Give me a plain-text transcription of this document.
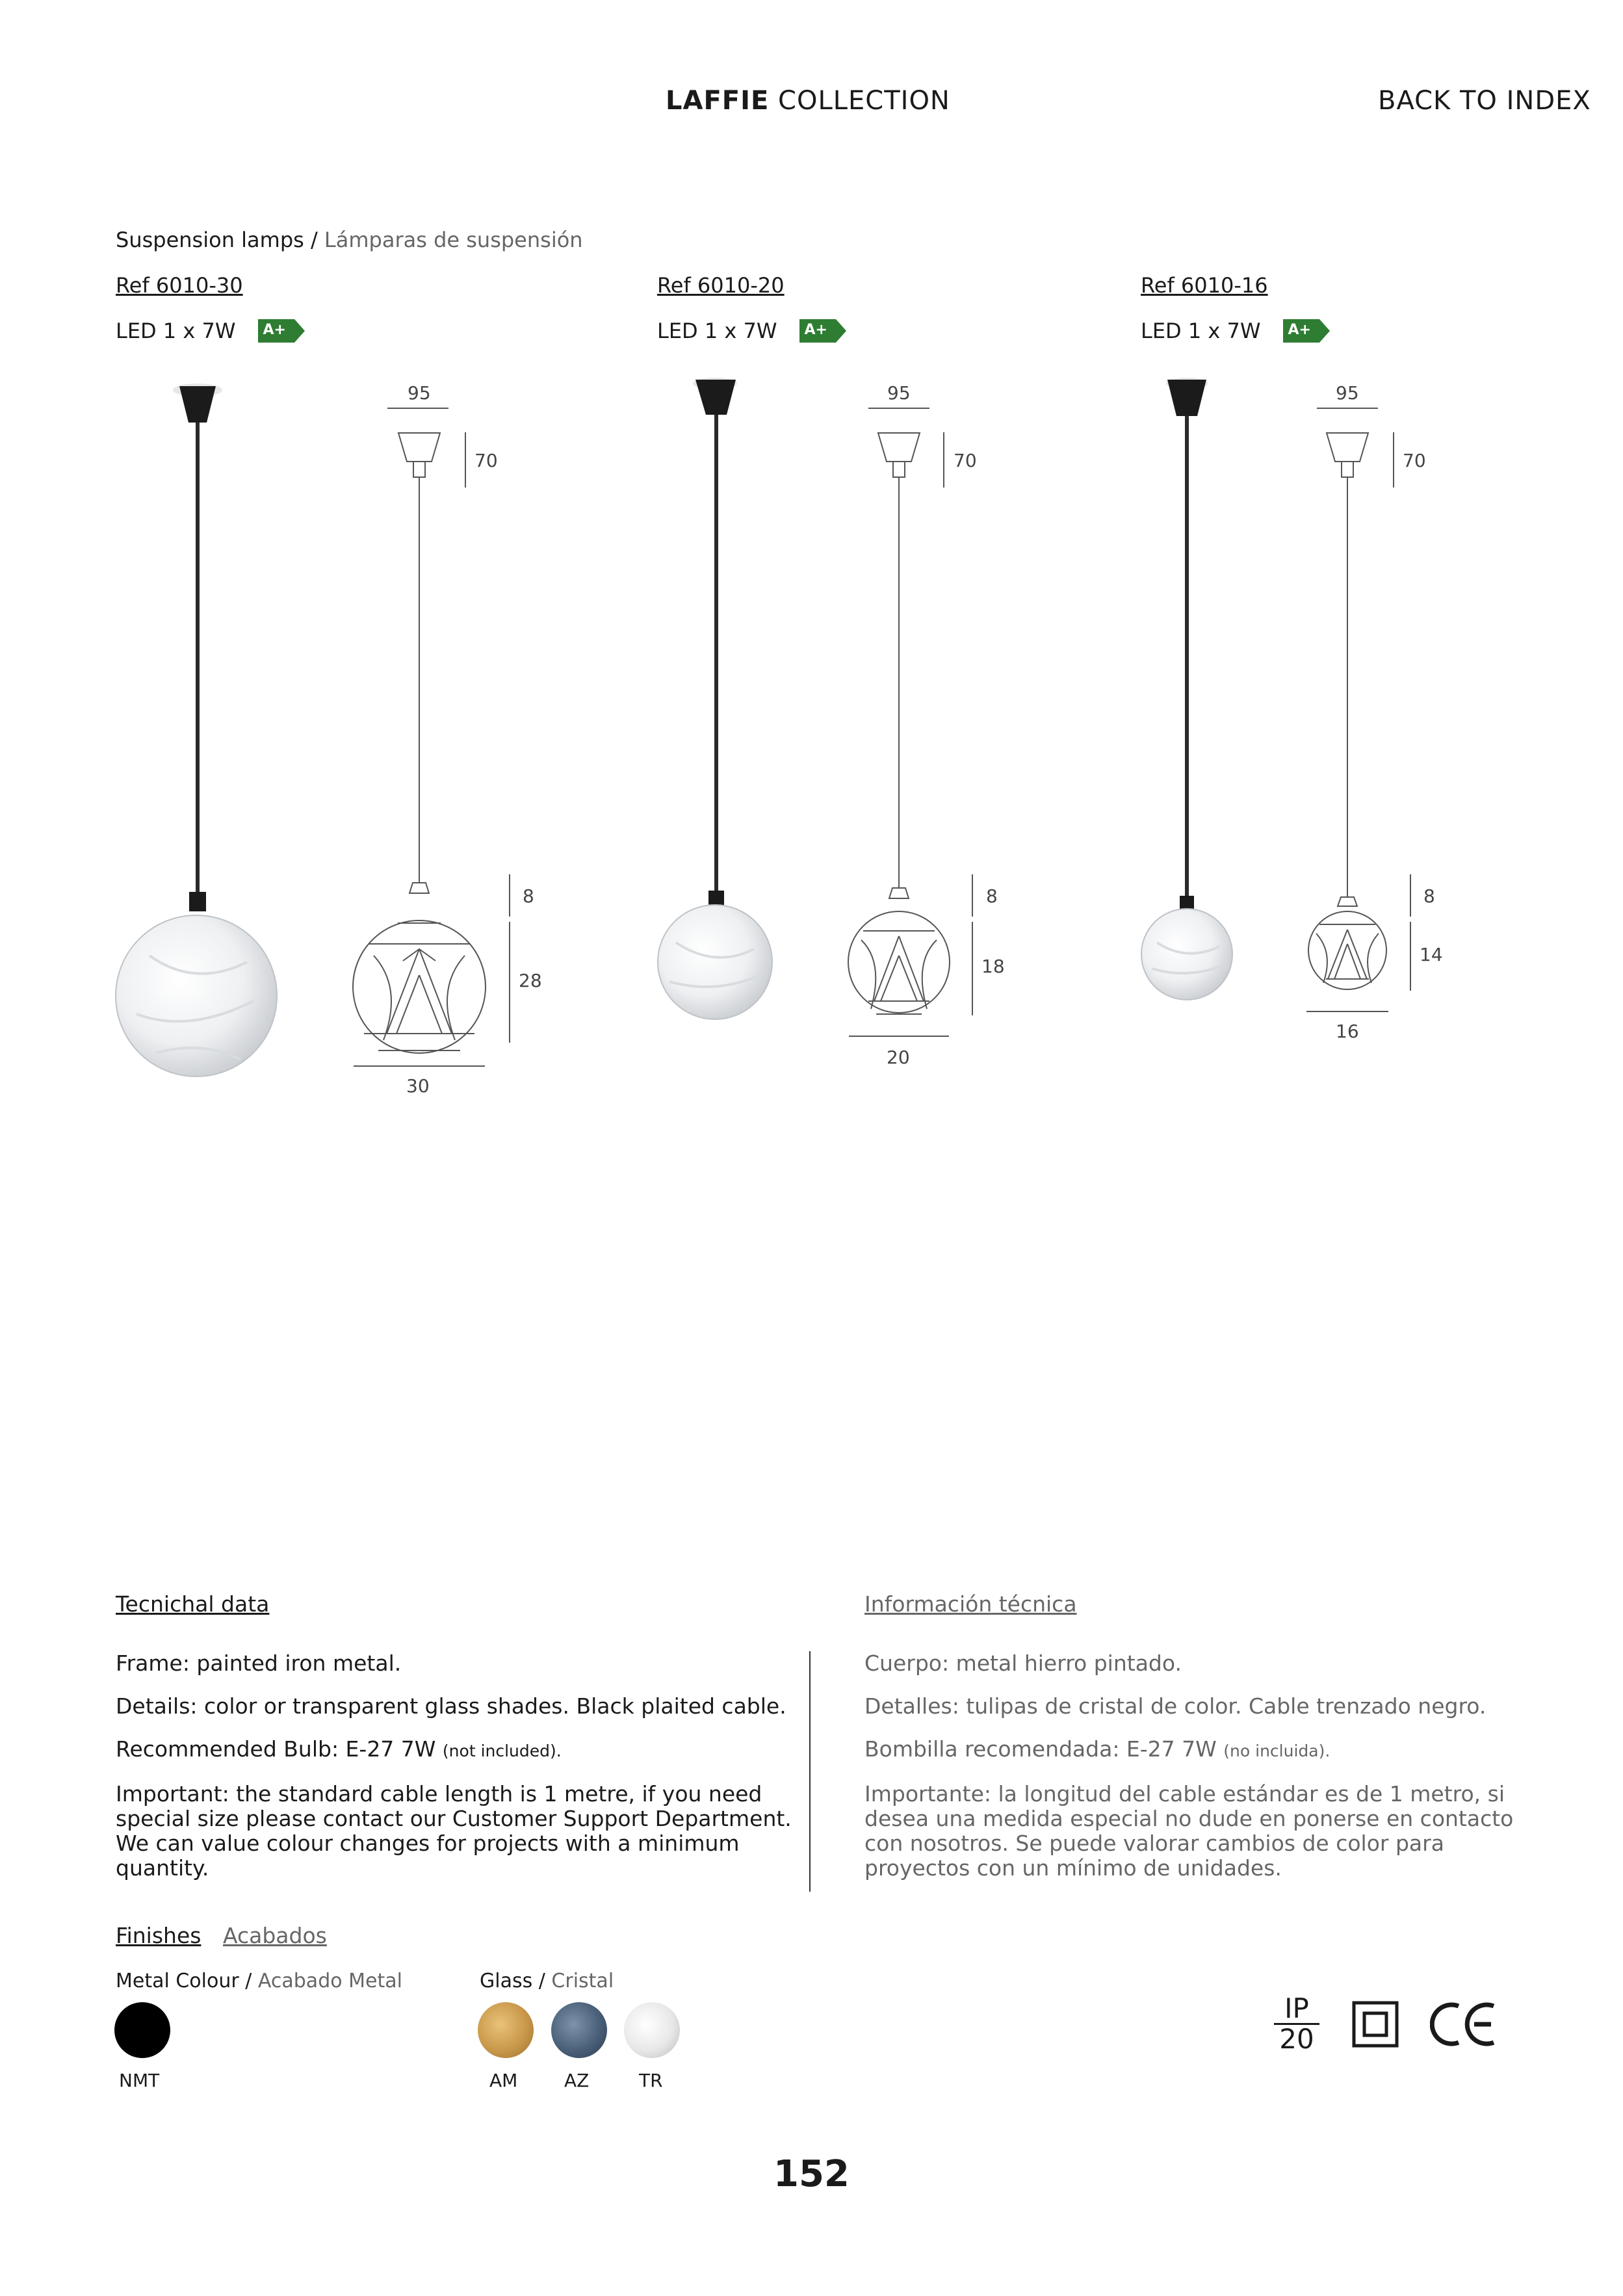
LAFFIE COLLECTION	BACK TO INDEX
Suspension lamps / Lámparas de suspensión
Ref 6010-30
LED 1 x 7W A+
Ref 6010-20
LED 1 x 7W A+
Ref 6010-16
LED 1 x 7W A+
95
70
8
28
30
95
70
8
18
20
95
70
8
14
16
Tecnichal data

Frame: painted iron metal.

Details: color or transparent glass shades. Black plaited cable.

Recommended Bulb: E-27 7W (not included).

Important: the standard cable length is 1 metre, if you need special size please contact our Customer Support Department. We can value colour changes for projects with a minimum quantity.

Información técnica

Cuerpo: metal hierro pintado.

Detalles: tulipas de cristal de color. Cable trenzado negro.

Bombilla recomendada: E-27 7W (no incluida).

Importante: la longitud del cable estándar es de 1 metro, si desea una medida especial no dude en ponerse en contacto con nosotros. Se puede valorar cambios de color para proyectos con un mínimo de unidades.

Finishes Acabados
Metal Colour / Acabado Metal	Glass / Cristal
NMT	AM	AZ	TR
IP
20
152
